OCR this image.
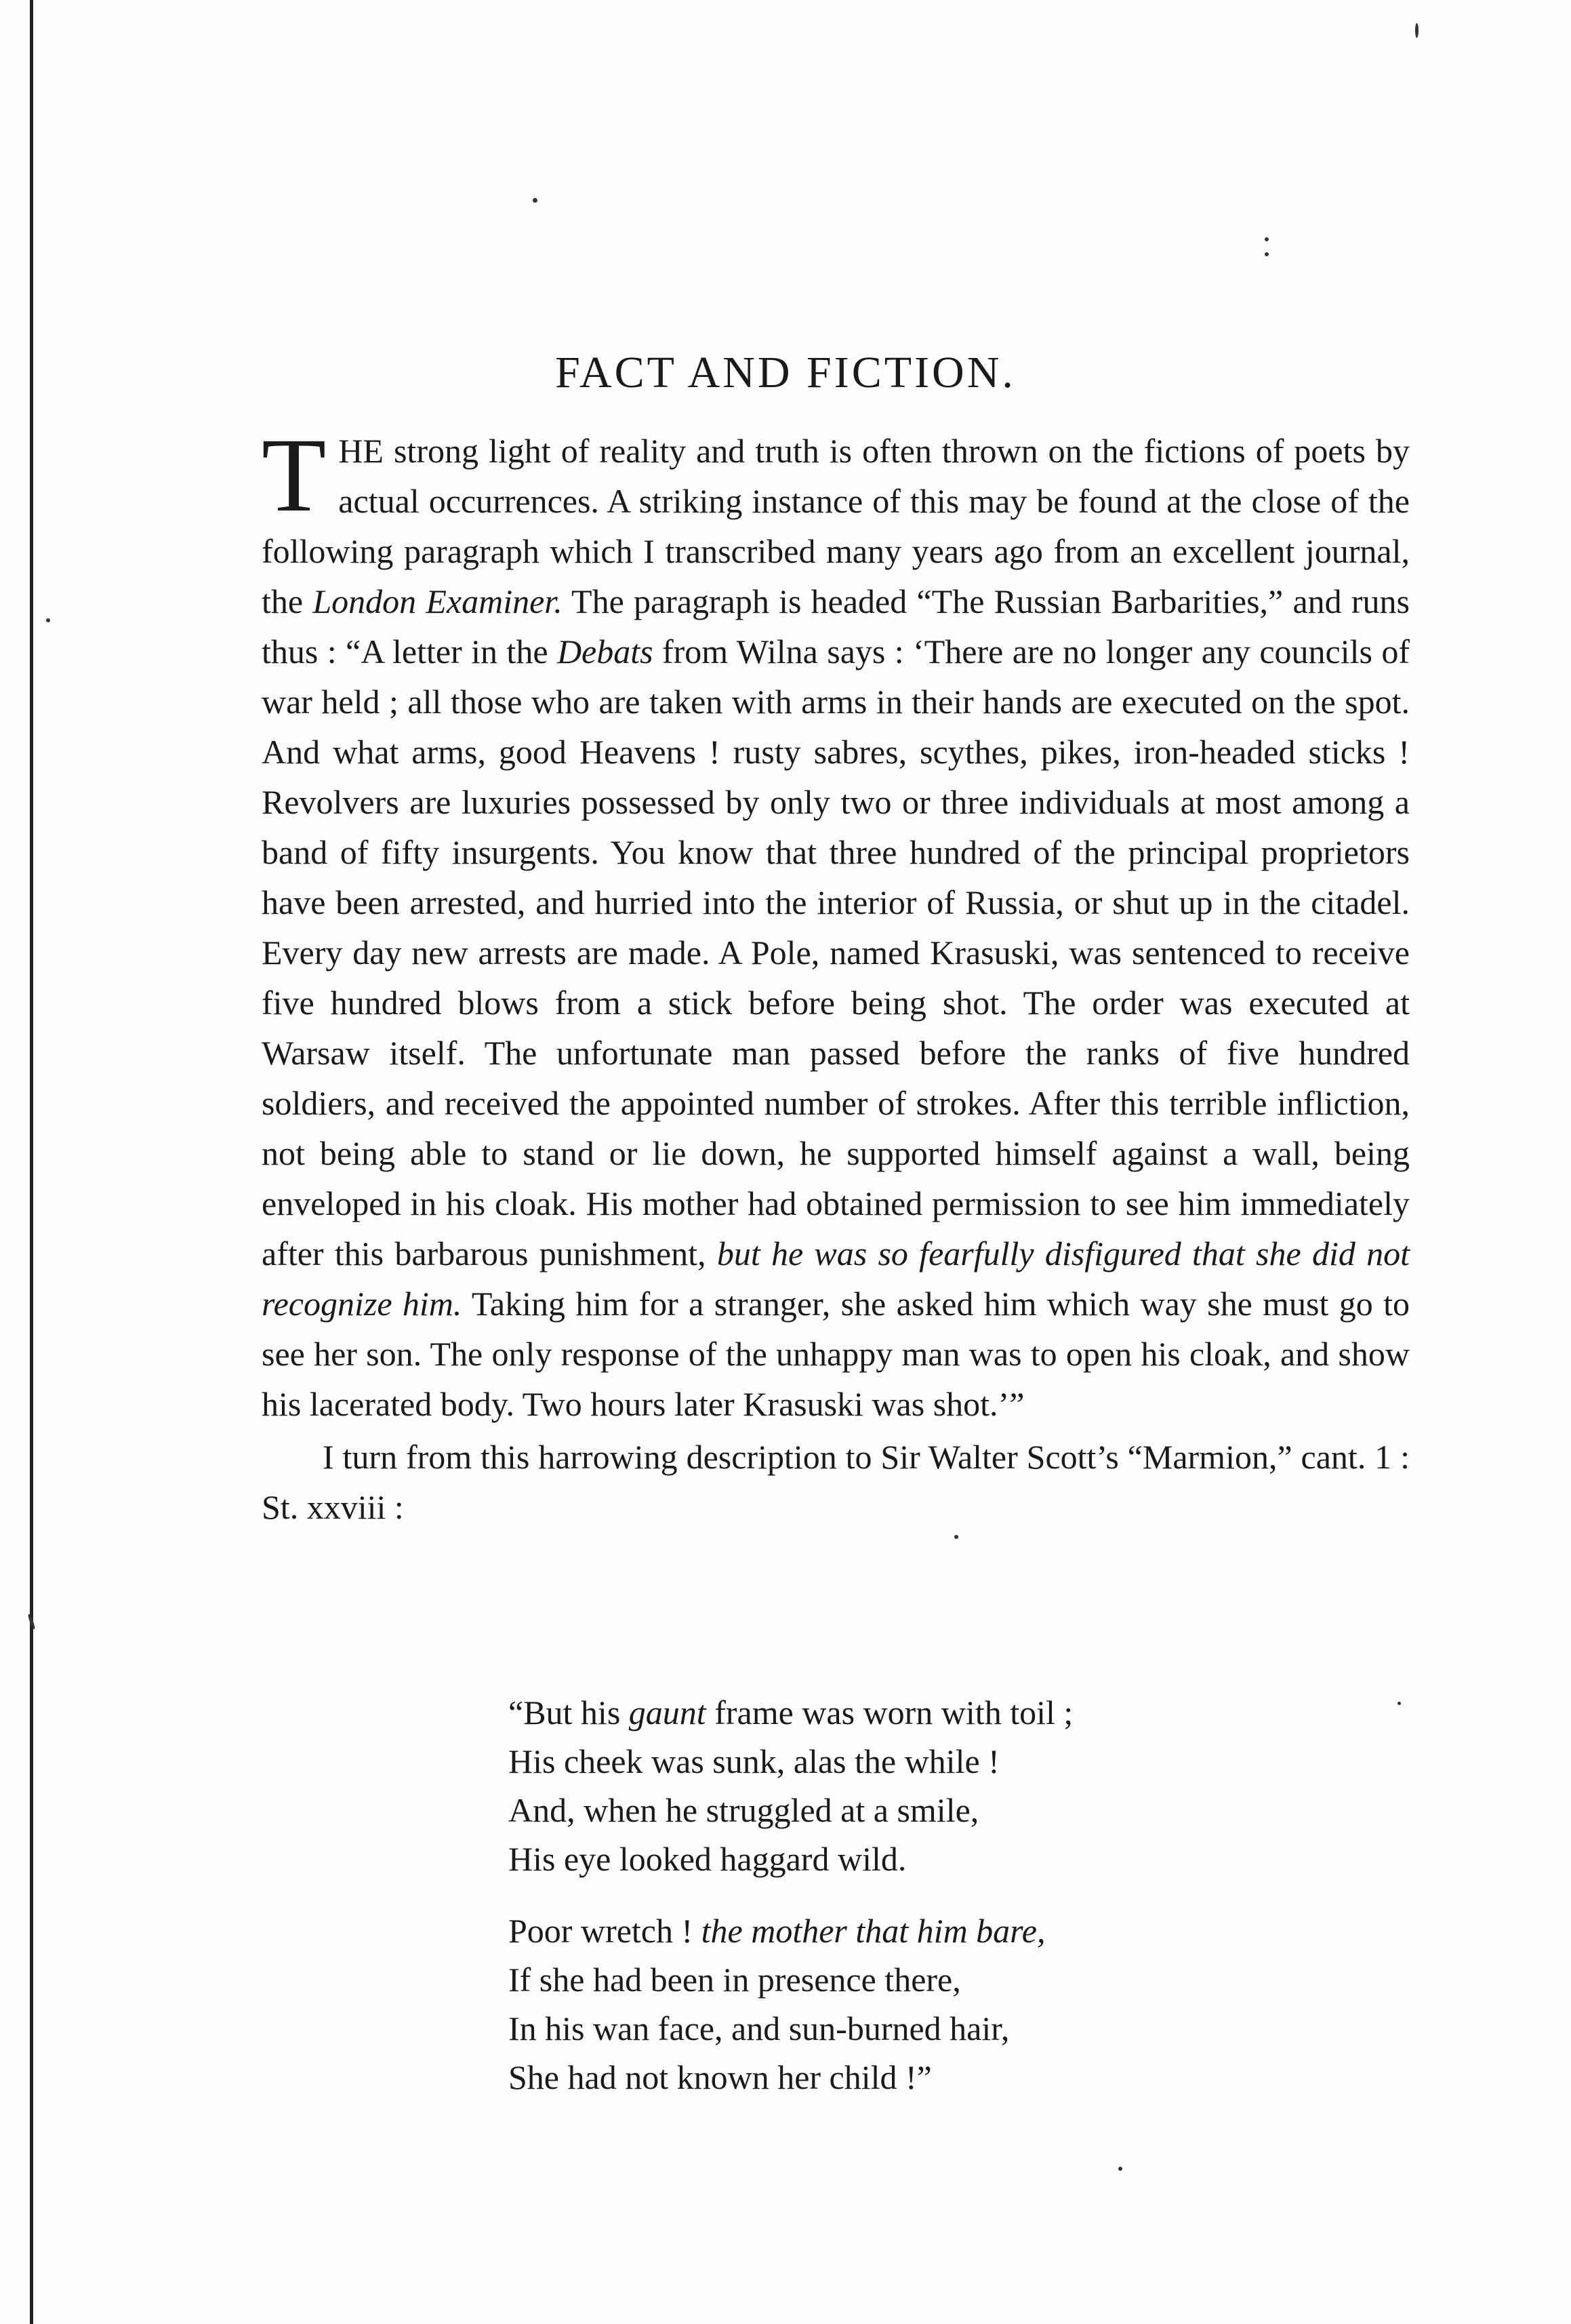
FACT AND FICTION.

THE strong light of reality and truth is often thrown on the fictions of poets by actual occurrences. A striking instance of this may be found at the close of the following paragraph which I transcribed many years ago from an excellent journal, the London Examiner. The paragraph is headed “The Russian Barbarities,” and runs thus : “A letter in the Debats from Wilna says : ‘There are no longer any councils of war held ; all those who are taken with arms in their hands are executed on the spot. And what arms, good Heavens ! rusty sabres, scythes, pikes, iron-headed sticks ! Revolvers are luxuries possessed by only two or three individuals at most among a band of fifty insurgents. You know that three hundred of the principal proprietors have been arrested, and hurried into the interior of Russia, or shut up in the citadel. Every day new arrests are made. A Pole, named Krasuski, was sentenced to receive five hundred blows from a stick before being shot. The order was executed at Warsaw itself. The unfortunate man passed before the ranks of five hundred soldiers, and received the appointed number of strokes. After this terrible infliction, not being able to stand or lie down, he supported himself against a wall, being enveloped in his cloak. His mother had obtained permission to see him immediately after this barbarous punishment, but he was so fearfully disfigured that she did not recognize him. Taking him for a stranger, she asked him which way she must go to see her son. The only response of the unhappy man was to open his cloak, and show his lacerated body. Two hours later Krasuski was shot.’”

I turn from this harrowing description to Sir Walter Scott’s “Marmion,” cant. 1 : St. xxviii :

“But his gaunt frame was worn with toil ;
His cheek was sunk, alas the while !
And, when he struggled at a smile,
His eye looked haggard wild.
Poor wretch ! the mother that him bare,
If she had been in presence there,
In his wan face, and sun-burned hair,
She had not known her child !”
